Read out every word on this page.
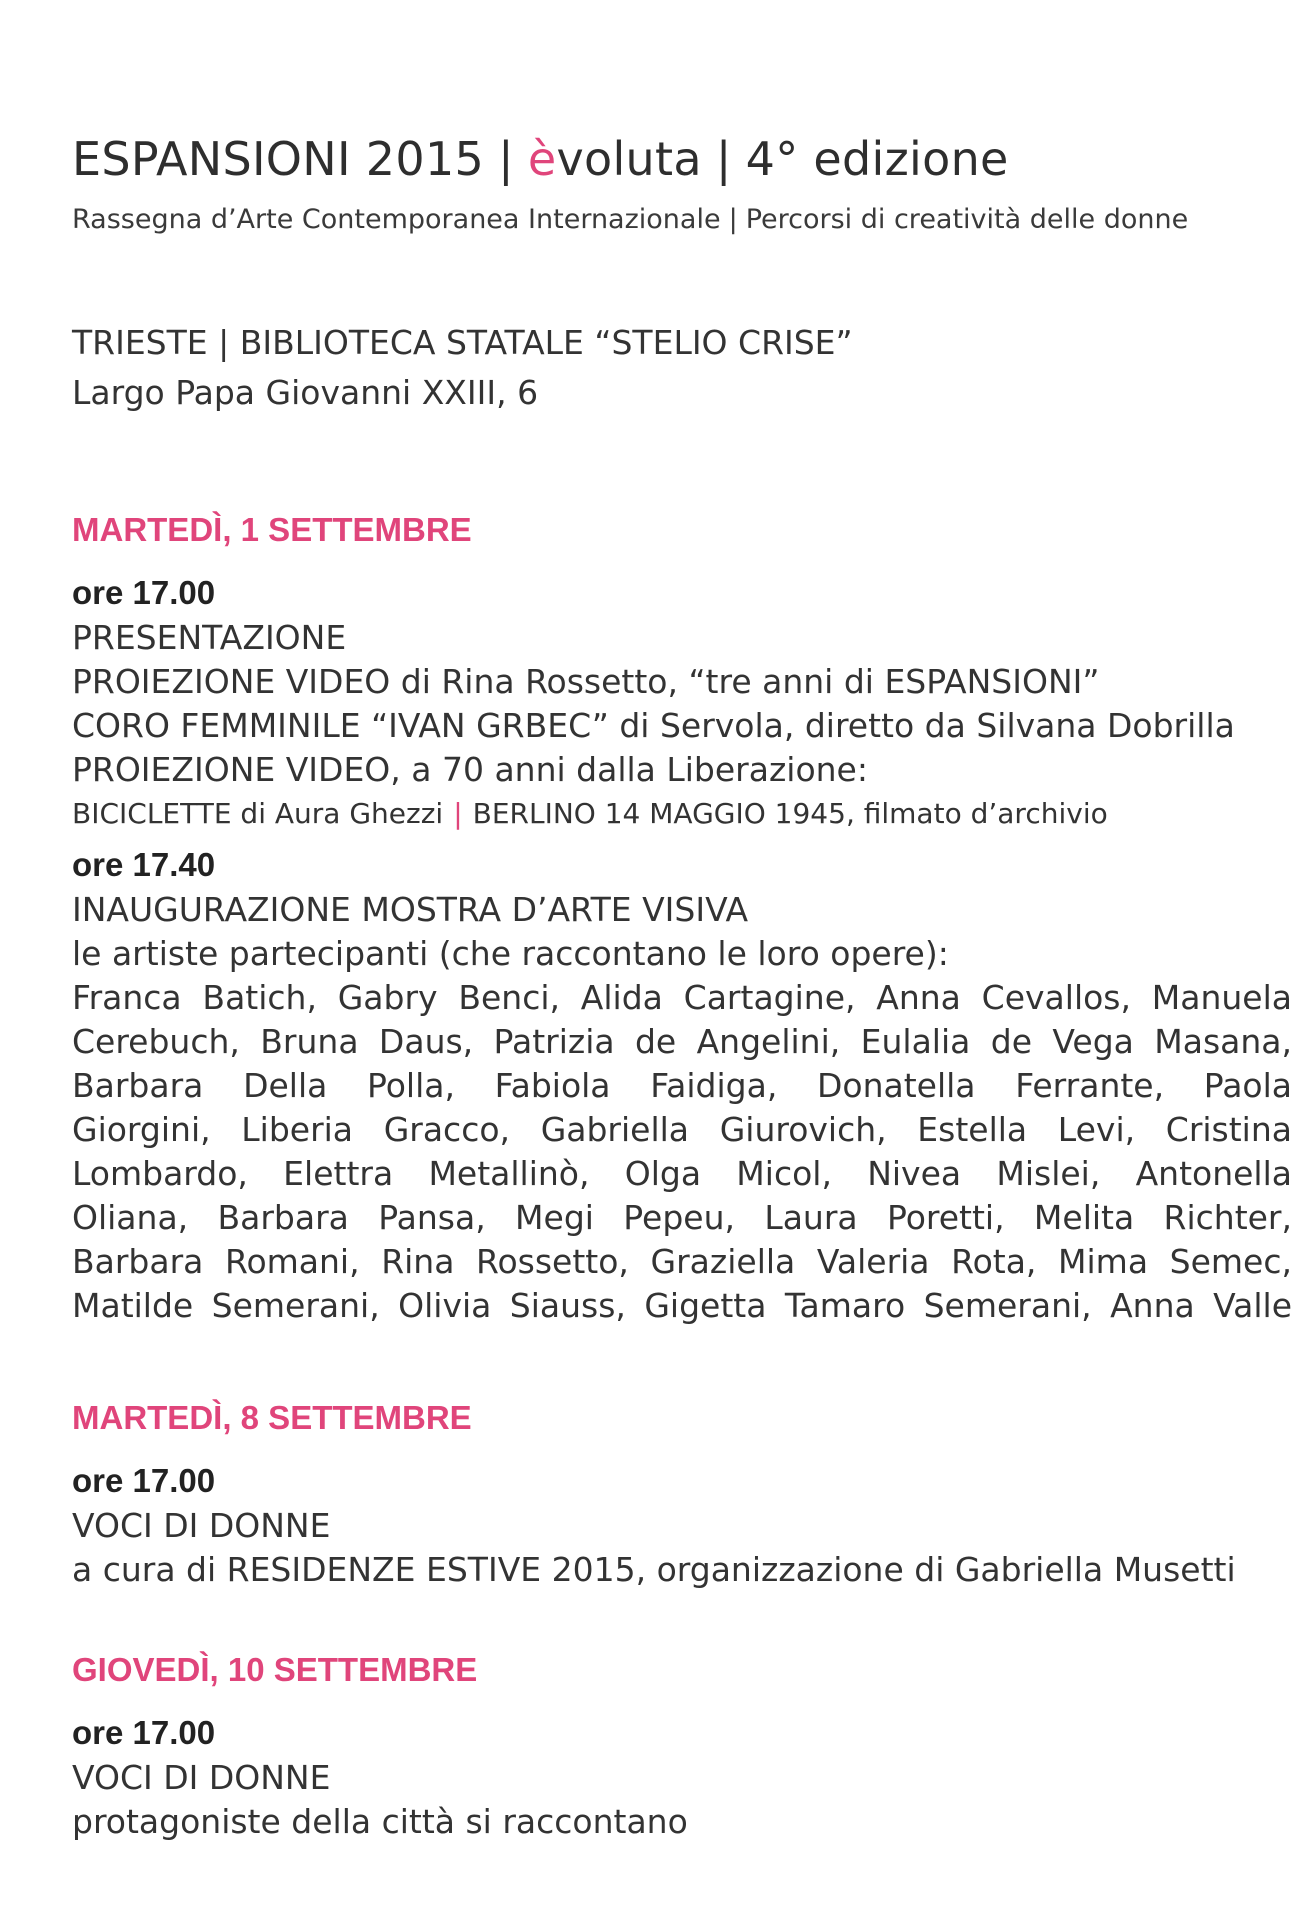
ESPANSIONI 2015 | èvoluta | 4° edizione
Rassegna d’Arte Contemporanea Internazionale | Percorsi di creatività delle donne
TRIESTE | BIBLIOTECA STATALE “STELIO CRISE”
Largo Papa Giovanni XXIII, 6
MARTEDÌ, 1 SETTEMBRE
ore 17.00
PRESENTAZIONE
PROIEZIONE VIDEO di Rina Rossetto, “tre anni di ESPANSIONI”
CORO FEMMINILE “IVAN GRBEC” di Servola, diretto da Silvana Dobrilla
PROIEZIONE VIDEO, a 70 anni dalla Liberazione:
BICICLETTE di Aura Ghezzi | BERLINO 14 MAGGIO 1945, filmato d’archivio
ore 17.40
INAUGURAZIONE MOSTRA D’ARTE VISIVA
le artiste partecipanti (che raccontano le loro opere):
Franca Batich, Gabry Benci, Alida Cartagine, Anna Cevallos, Manuela
Cerebuch, Bruna Daus, Patrizia de Angelini, Eulalia de Vega Masana,
Barbara Della Polla, Fabiola Faidiga, Donatella Ferrante, Paola
Giorgini, Liberia Gracco, Gabriella Giurovich, Estella Levi, Cristina
Lombardo, Elettra Metallinò, Olga Micol, Nivea Mislei, Antonella
Oliana, Barbara Pansa, Megi Pepeu, Laura Poretti, Melita Richter,
Barbara Romani, Rina Rossetto, Graziella Valeria Rota, Mima Semec,
Matilde Semerani, Olivia Siauss, Gigetta Tamaro Semerani, Anna Valle
MARTEDÌ, 8 SETTEMBRE
ore 17.00
VOCI DI DONNE
a cura di RESIDENZE ESTIVE 2015, organizzazione di Gabriella Musetti
GIOVEDÌ, 10 SETTEMBRE
ore 17.00
VOCI DI DONNE
protagoniste della città si raccontano
